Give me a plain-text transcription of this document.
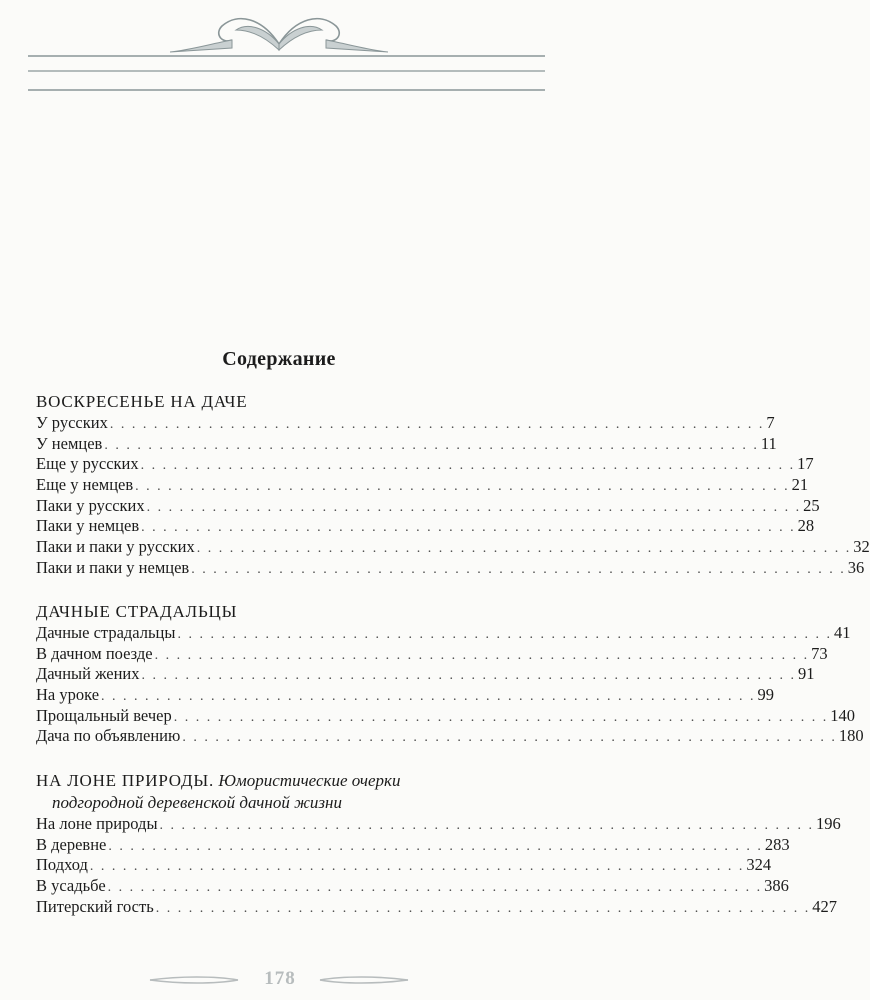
Содержание
ВОСКРЕСЕНЬЕ НА ДАЧЕ
У русских . . . . . . . . . . . . . . . . . . . . . . . . . . . . . . . . . . . . . . . . . . . . . . . . . . . . . . . . . . . . 7
У немцев . . . . . . . . . . . . . . . . . . . . . . . . . . . . . . . . . . . . . . . . . . . . . . . . . . . . . . . . . . . . 11
Еще у русских . . . . . . . . . . . . . . . . . . . . . . . . . . . . . . . . . . . . . . . . . . . . . . . . . . . . . . . . . . . . 17
Еще у немцев . . . . . . . . . . . . . . . . . . . . . . . . . . . . . . . . . . . . . . . . . . . . . . . . . . . . . . . . . . . . 21
Паки у русских . . . . . . . . . . . . . . . . . . . . . . . . . . . . . . . . . . . . . . . . . . . . . . . . . . . . . . . . . . . . 25
Паки у немцев . . . . . . . . . . . . . . . . . . . . . . . . . . . . . . . . . . . . . . . . . . . . . . . . . . . . . . . . . . . . 28
Паки и паки у русских . . . . . . . . . . . . . . . . . . . . . . . . . . . . . . . . . . . . . . . . . . . . . . . . . . . . . . . . . . . . 32
Паки и паки у немцев . . . . . . . . . . . . . . . . . . . . . . . . . . . . . . . . . . . . . . . . . . . . . . . . . . . . . . . . . . . . 36
ДАЧНЫЕ СТРАДАЛЬЦЫ
Дачные страдальцы . . . . . . . . . . . . . . . . . . . . . . . . . . . . . . . . . . . . . . . . . . . . . . . . . . . . . . . . . . . . 41
В дачном поезде . . . . . . . . . . . . . . . . . . . . . . . . . . . . . . . . . . . . . . . . . . . . . . . . . . . . . . . . . . . . 73
Дачный жених . . . . . . . . . . . . . . . . . . . . . . . . . . . . . . . . . . . . . . . . . . . . . . . . . . . . . . . . . . . . 91
На уроке . . . . . . . . . . . . . . . . . . . . . . . . . . . . . . . . . . . . . . . . . . . . . . . . . . . . . . . . . . . . 99
Прощальный вечер . . . . . . . . . . . . . . . . . . . . . . . . . . . . . . . . . . . . . . . . . . . . . . . . . . . . . . . . . . . . 140
Дача по объявлению . . . . . . . . . . . . . . . . . . . . . . . . . . . . . . . . . . . . . . . . . . . . . . . . . . . . . . . . . . . . 180
НА ЛОНЕ ПРИРОДЫ. Юмористические очерки
подгородной деревенской дачной жизни
На лоне природы . . . . . . . . . . . . . . . . . . . . . . . . . . . . . . . . . . . . . . . . . . . . . . . . . . . . . . . . . . . . 196
В деревне . . . . . . . . . . . . . . . . . . . . . . . . . . . . . . . . . . . . . . . . . . . . . . . . . . . . . . . . . . . . 283
Подход . . . . . . . . . . . . . . . . . . . . . . . . . . . . . . . . . . . . . . . . . . . . . . . . . . . . . . . . . . . . 324
В усадьбе . . . . . . . . . . . . . . . . . . . . . . . . . . . . . . . . . . . . . . . . . . . . . . . . . . . . . . . . . . . . 386
Питерский гость . . . . . . . . . . . . . . . . . . . . . . . . . . . . . . . . . . . . . . . . . . . . . . . . . . . . . . . . . . . . 427
178
